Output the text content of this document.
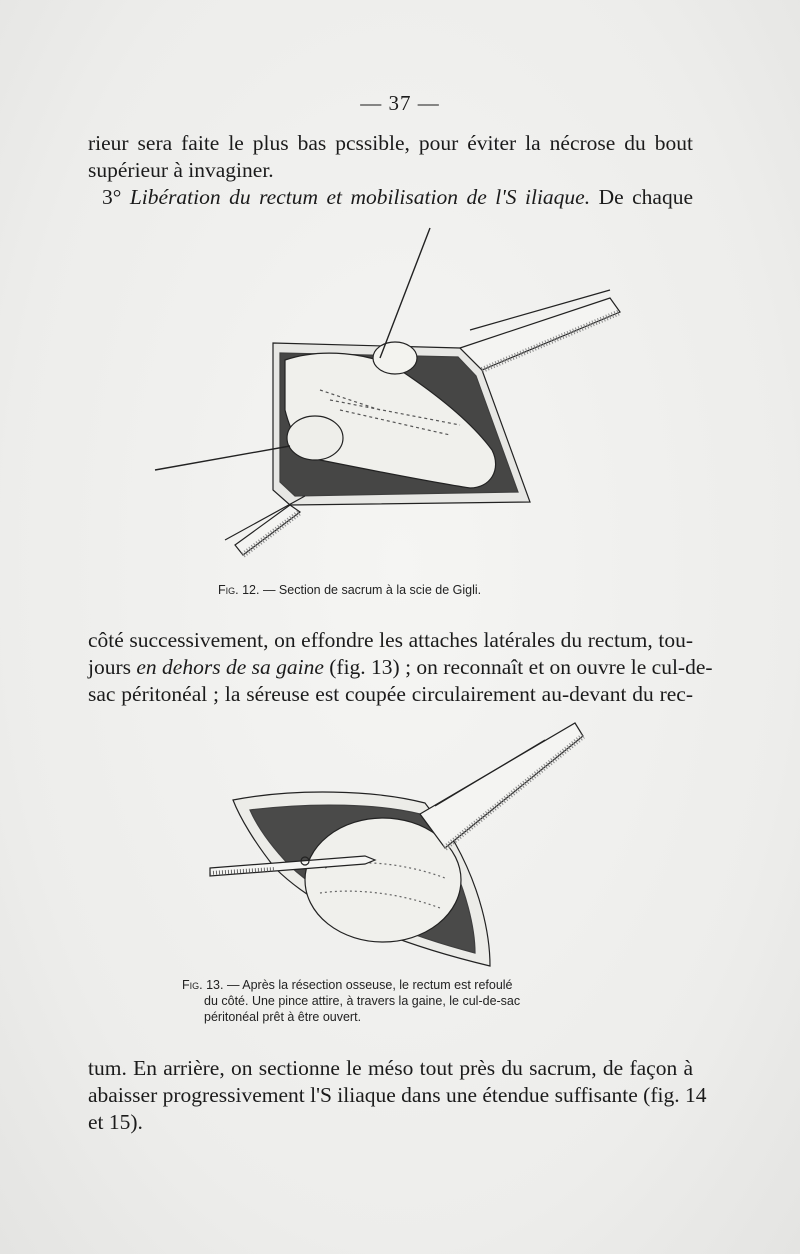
— 37 —
rieur sera faite le plus bas pcssible, pour éviter la nécrose du bout
supérieur à invaginer.
3° Libération du rectum et mobilisation de l'S iliaque. De chaque
Fig. 12. — Section de sacrum à la scie de Gigli.
côté successivement, on effondre les attaches latérales du rectum, tou-
jours en dehors de sa gaine (fig. 13) ; on reconnaît et on ouvre le cul-de-
sac péritonéal ; la séreuse est coupée circulairement au-devant du rec-
Fig. 13. — Après la résection osseuse, le rectum est refoulé
du côté. Une pince attire, à travers la gaine, le cul-de-sac
péritonéal prêt à être ouvert.
tum. En arrière, on sectionne le méso tout près du sacrum, de façon à
abaisser progressivement l'S iliaque dans une étendue suffisante (fig. 14
et 15).
